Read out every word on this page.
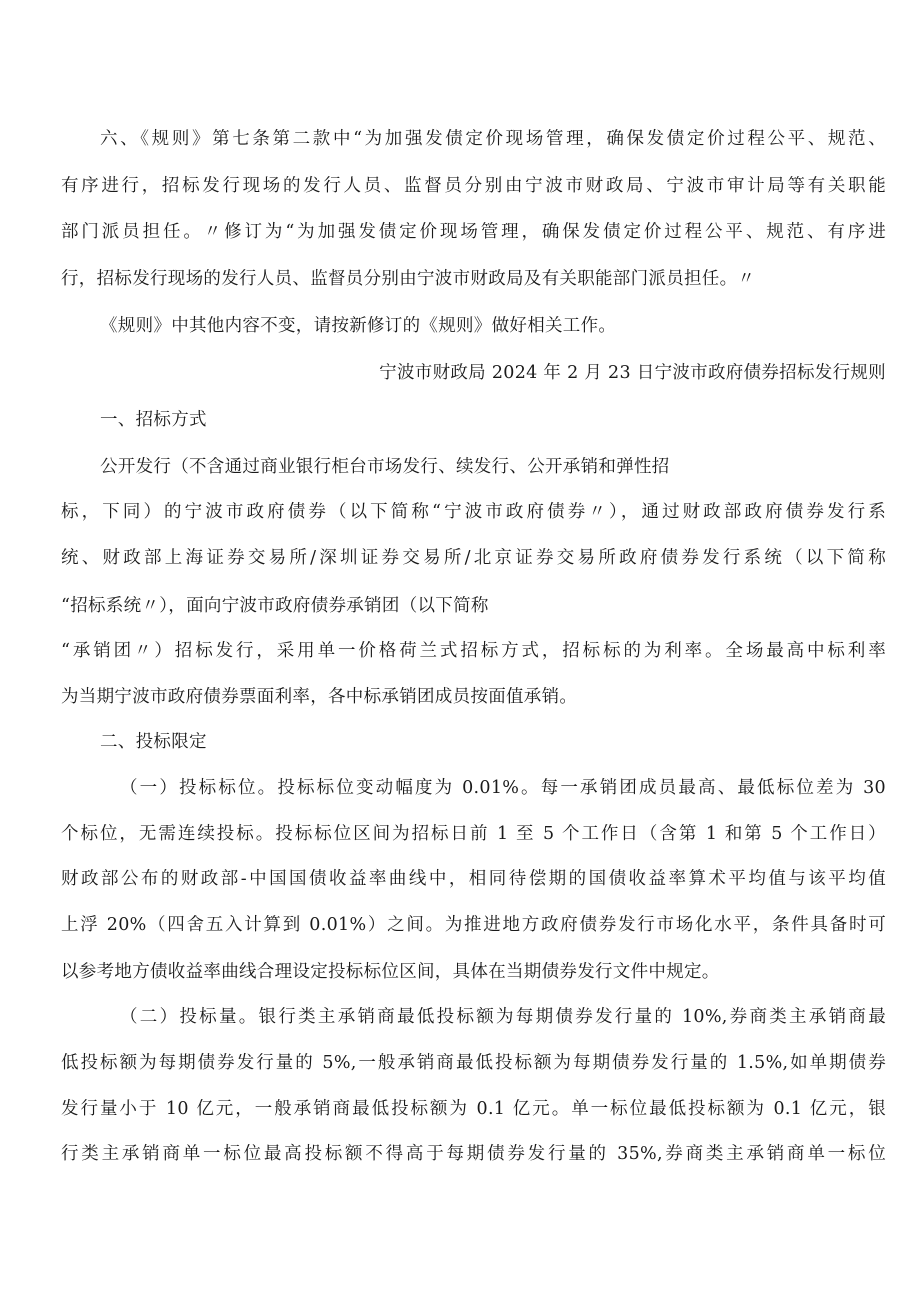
六、《规则》第七条第二款中“为加强发债定价现场管理，确保发债定价过程公平、规范、
有序进行，招标发行现场的发行人员、监督员分别由宁波市财政局、宁波市审计局等有关职能
部门派员担任。〃修订为“为加强发债定价现场管理，确保发债定价过程公平、规范、有序进
行，招标发行现场的发行人员、监督员分别由宁波市财政局及有关职能部门派员担任。〃
《规则》中其他内容不变，请按新修订的《规则》做好相关工作。
宁波市财政局 2024 年 2 月 23 日宁波市政府债券招标发行规则
一、招标方式
公开发行（不含通过商业银行柜台市场发行、续发行、公开承销和弹性招
标，下同）的宁波市政府债券（以下简称“宁波市政府债券〃），通过财政部政府债券发行系
统、财政部上海证券交易所/深圳证券交易所/北京证券交易所政府债券发行系统（以下简称
“招标系统〃），面向宁波市政府债券承销团（以下简称
“承销团〃）招标发行，采用单一价格荷兰式招标方式，招标标的为利率。全场最高中标利率
为当期宁波市政府债券票面利率，各中标承销团成员按面值承销。
二、投标限定
（一）投标标位。投标标位变动幅度为 0.01%。每一承销团成员最高、最低标位差为 30
个标位，无需连续投标。投标标位区间为招标日前 1 至 5 个工作日（含第 1 和第 5 个工作日）
财政部公布的财政部-中国国债收益率曲线中，相同待偿期的国债收益率算术平均值与该平均值
上浮 20%（四舍五入计算到 0.01%）之间。为推进地方政府债券发行市场化水平，条件具备时可
以参考地方债收益率曲线合理设定投标标位区间，具体在当期债券发行文件中规定。
（二）投标量。银行类主承销商最低投标额为每期债券发行量的 10%,券商类主承销商最
低投标额为每期债券发行量的 5%,一般承销商最低投标额为每期债券发行量的 1.5%,如单期债券
发行量小于 10 亿元，一般承销商最低投标额为 0.1 亿元。单一标位最低投标额为 0.1 亿元，银
行类主承销商单一标位最高投标额不得高于每期债券发行量的 35%,券商类主承销商单一标位
